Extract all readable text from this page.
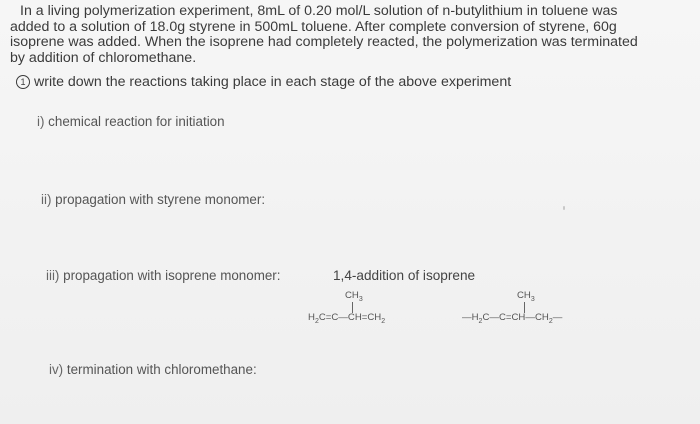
In a living polymerization experiment, 8mL of 0.20 mol/L solution of n-butylithium in toluene was
added to a solution of 18.0g styrene in 500mL toluene. After complete conversion of styrene, 60g
isoprene was added. When the isoprene had completely reacted, the polymerization was terminated
by addition of chloromethane.
1 write down the reactions taking place in each stage of the above experiment
i) chemical reaction for initiation
ii) propagation with styrene monomer:
iii) propagation with isoprene monomer:	1,4-addition of isoprene
$CH_3$
$H_2C=C—CH=CH_2$
$CH_3$
$—H_2C—C=CH—CH_2—$
iv) termination with chloromethane:
